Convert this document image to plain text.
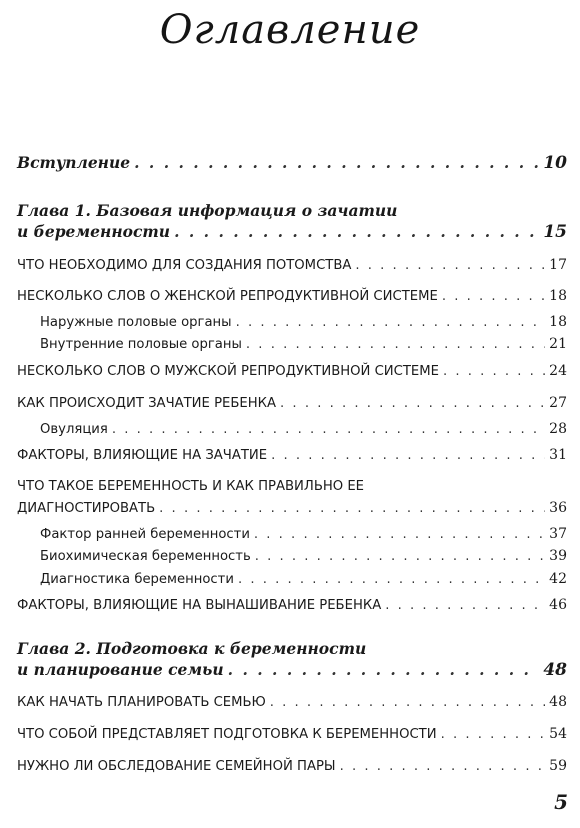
Оглавление
Вступление . . .	10
Глава 1. Базовая информация о зачатии
и беременности . . .	15
ЧТО НЕОБХОДИМО ДЛЯ СОЗДАНИЯ ПОТОМСТВА . . .	17
НЕСКОЛЬКО СЛОВ О ЖЕНСКОЙ РЕПРОДУКТИВНОЙ СИСТЕМЕ . . .	18
Наружные половые органы . . .	18
Внутренние половые органы . . .	21
НЕСКОЛЬКО СЛОВ О МУЖСКОЙ РЕПРОДУКТИВНОЙ СИСТЕМЕ . . .	24
КАК ПРОИСХОДИТ ЗАЧАТИЕ РЕБЕНКА . . .	27
Овуляция . . .	28
ФАКТОРЫ, ВЛИЯЮЩИЕ НА ЗАЧАТИЕ . . .	31
ЧТО ТАКОЕ БЕРЕМЕННОСТЬ И КАК ПРАВИЛЬНО ЕЕ
ДИАГНОСТИРОВАТЬ . . .	36
Фактор ранней беременности . . .	37
Биохимическая беременность . . .	39
Диагностика беременности . . .	42
ФАКТОРЫ, ВЛИЯЮЩИЕ НА ВЫНАШИВАНИЕ РЕБЕНКА . . .	46
Глава 2. Подготовка к беременности
и планирование семьи . . .	48
КАК НАЧАТЬ ПЛАНИРОВАТЬ СЕМЬЮ . . .	48
ЧТО СОБОЙ ПРЕДСТАВЛЯЕТ ПОДГОТОВКА К БЕРЕМЕННОСТИ . . .	54
НУЖНО ЛИ ОБСЛЕДОВАНИЕ СЕМЕЙНОЙ ПАРЫ . . .	59
5
